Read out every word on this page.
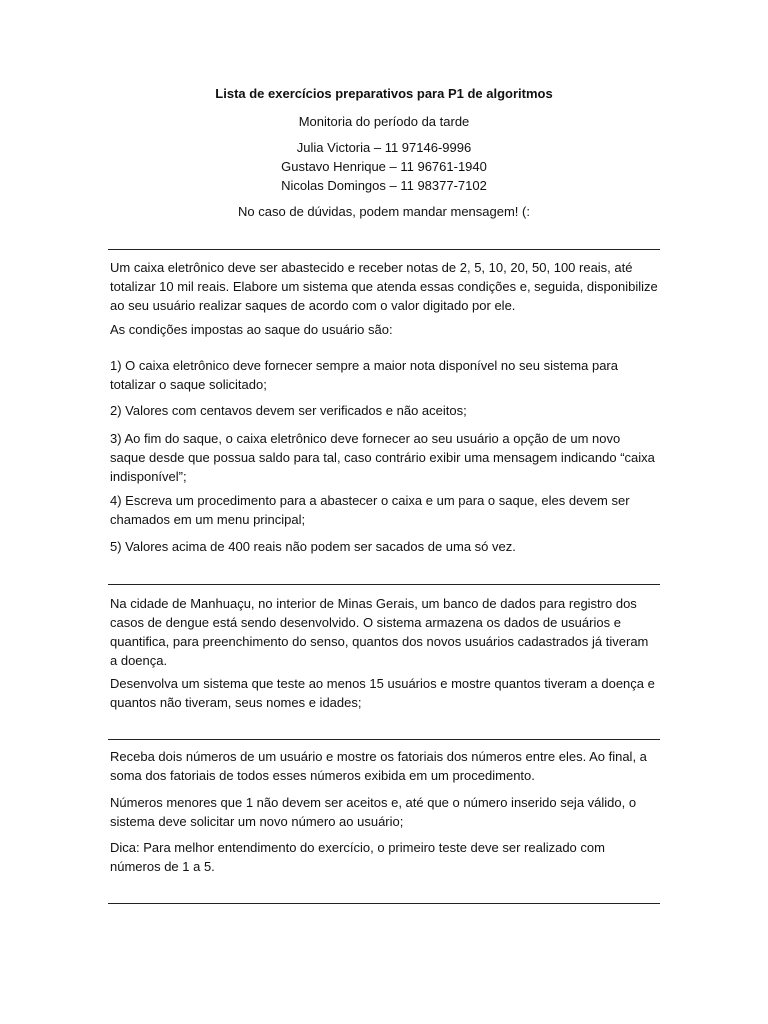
Lista de exercícios preparativos para P1 de algoritmos
Monitoria do período da tarde
Julia Victoria – 11 97146-9996
Gustavo Henrique – 11 96761-1940
Nicolas Domingos – 11 98377-7102
No caso de dúvidas, podem mandar mensagem! (:

Um caixa eletrônico deve ser abastecido e receber notas de 2, 5, 10, 20, 50, 100 reais, até totalizar 10 mil reais. Elabore um sistema que atenda essas condições e, seguida, disponibilize ao seu usuário realizar saques de acordo com o valor digitado por ele.

As condições impostas ao saque do usuário são:

1) O caixa eletrônico deve fornecer sempre a maior nota disponível no seu sistema para totalizar o saque solicitado;

2) Valores com centavos devem ser verificados e não aceitos;

3) Ao fim do saque, o caixa eletrônico deve fornecer ao seu usuário a opção de um novo saque desde que possua saldo para tal, caso contrário exibir uma mensagem indicando “caixa indisponível”;

4) Escreva um procedimento para a abastecer o caixa e um para o saque, eles devem ser chamados em um menu principal;

5) Valores acima de 400 reais não podem ser sacados de uma só vez.

Na cidade de Manhuaçu, no interior de Minas Gerais, um banco de dados para registro dos casos de dengue está sendo desenvolvido. O sistema armazena os dados de usuários e quantifica, para preenchimento do senso, quantos dos novos usuários cadastrados já tiveram a doença.

Desenvolva um sistema que teste ao menos 15 usuários e mostre quantos tiveram a doença e quantos não tiveram, seus nomes e idades;

Receba dois números de um usuário e mostre os fatoriais dos números entre eles. Ao final, a soma dos fatoriais de todos esses números exibida em um procedimento.

Números menores que 1 não devem ser aceitos e, até que o número inserido seja válido, o sistema deve solicitar um novo número ao usuário;

Dica: Para melhor entendimento do exercício, o primeiro teste deve ser realizado com números de 1 a 5.
